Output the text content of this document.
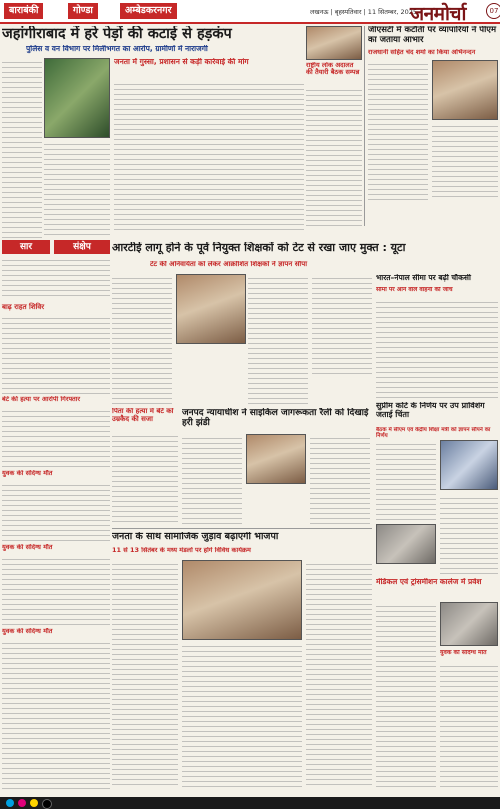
बाराबंकी	गोण्डा	अम्बेडकरनगर	लखनऊ | बृहस्पतिवार | 11 सितम्बर, 2025
जनमोर्चा	07
जहांगीराबाद में हरे पेड़ों की कटाई से हड़कंप
पुलिस व वन विभाग पर मिलीभगत का आरोप, ग्रामीणों में नाराजगी
जनता में गुस्सा, प्रशासन से कड़ी कार्रवाई की मांग	राष्ट्रीय लोक अदालत की तैयारी बैठक सम्पन्न
जीएसटी में कटौती पर व्यापारियों ने पीएम का जताया आभार
राजधानी सहित चंद शर्मा का किया अभिनन्दन
सार	संक्षेप	आरटीई लागू होने के पूर्व नियुक्त शिक्षकों को टेट से रखा जाए मुक्त : यूटा
टेट की अनिवार्यता को लेकर आक्रोशित शिक्षकों ने ज्ञापन सौंपा
भारत–नेपाल सीमा पर बढ़ी चौकसी
सीमा पर आने वाले वाहनों की जांच
बाढ़ राहत शिविर
बेटे की हत्या पर आरोपी गिरफ्तार
पिता की हत्या में बेटे को उम्रकैद की सजा
जनपद न्यायाधीश ने साइकिल जागरूकता रैली को दिखाई हरी झंडी
सुप्रीम कोर्ट के निर्णय पर उप प्राविशंग जताई चिंता
बैठक में सीएम एवं केंद्रीय शिक्षा मंत्री को ज्ञापन सौंपने का निर्णय
युवक की संदिग्ध मौत
युवक की संदिग्ध मौत
युवक की संदिग्ध मौत
जनता के साथ सामाजिक जुड़ाव बढ़ाएगी भाजपा
11 से 13 सितंबर के मध्य मंडलों पर होंगे विविध कार्यक्रम
मेडिकल एवं ट्रांसमीशन कालेज में प्रवेश
युवक की संदिग्ध मौत
